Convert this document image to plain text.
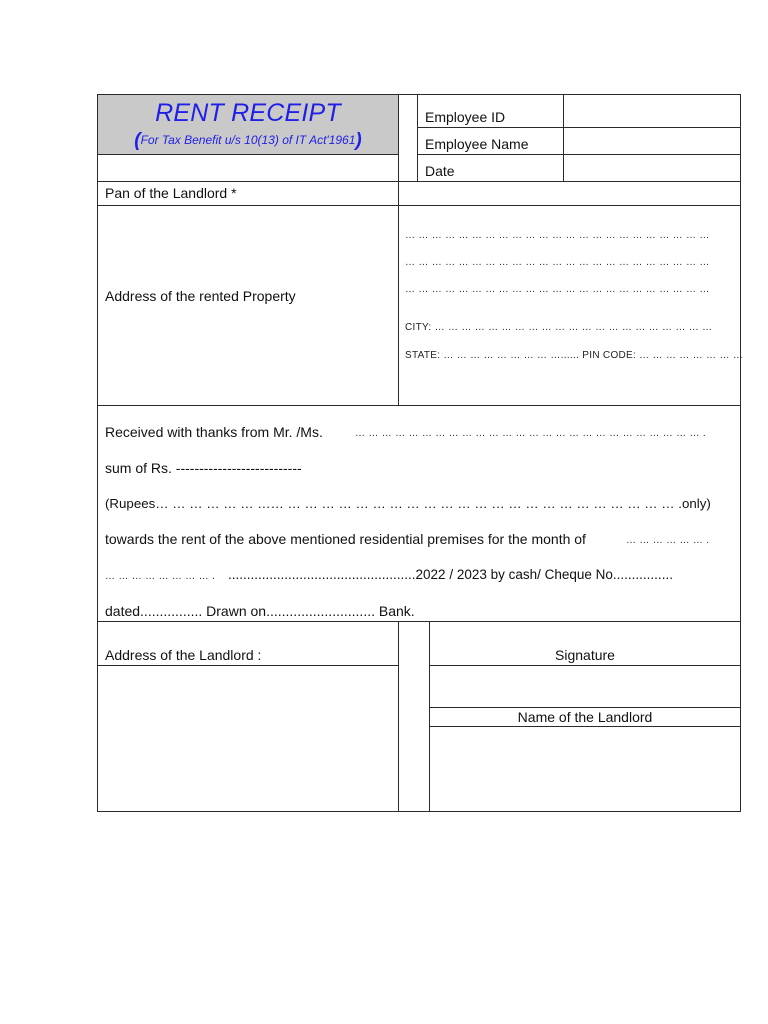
RENT RECEIPT
(For Tax Benefit u/s 10(13) of IT Act'1961)
Employee ID
Employee Name
Date
Pan of the Landlord *
Address of the rented Property
… … … … … … … … … … … … … … … … … … … … … … …
… … … … … … … … … … … … … … … … … … … … … … …
… … … … … … … … … … … … … … … … … … … … … … …
CITY: … … … … … … … … … … … … … … … … … … … … …
STATE: … … … … … … … … …...... PIN CODE: … … … … … … … …
Received with thanks from Mr. /Ms.	… … … … … … … … … … … … … … … … … … … … … … … … … … .
sum of Rs. ---------------------------
(Rupees… … … … … … …… … … … … … … … … … … … … … … … … … … … … … … … .only)
towards the rent of the above mentioned residential premises for the month of	… … … … … … .
… … … … … … … … . ..................................................2022 / 2023 by cash/ Cheque No................
dated................ Drawn on............................ Bank.
Address of the Landlord :	Signature
Name of the Landlord
